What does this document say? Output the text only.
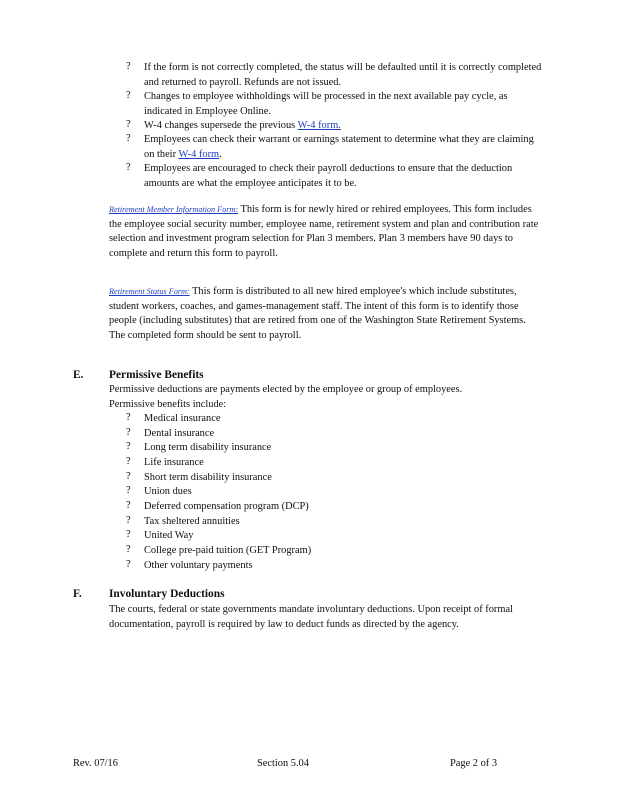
?	If the form is not correctly completed, the status will be defaulted until it is correctly completed and returned to payroll. Refunds are not issued.
?	Changes to employee withholdings will be processed in the next available pay cycle, as indicated in Employee Online.
?	W-4 changes supersede the previous W-4 form.
?	Employees can check their warrant or earnings statement to determine what they are claiming on their W-4 form.
?	Employees are encouraged to check their payroll deductions to ensure that the deduction amounts are what the employee anticipates it to be.
Retirement Member Information Form: This form is for newly hired or rehired employees. This form includes the employee social security number, employee name, retirement system and plan and contribution rate selection and investment program selection for Plan 3 members. Plan 3 members have 90 days to complete and return this form to payroll.
Retirement Status Form: This form is distributed to all new hired employee's which include substitutes, student workers, coaches, and games-management staff. The intent of this form is to identify those people (including substitutes) that are retired from one of the Washington State Retirement Systems. The completed form should be sent to payroll.
E. Permissive Benefits
Permissive deductions are payments elected by the employee or group of employees. Permissive benefits include:
?	Medical insurance
?	Dental insurance
?	Long term disability insurance
?	Life insurance
?	Short term disability insurance
?	Union dues
?	Deferred compensation program (DCP)
?	Tax sheltered annuities
?	United Way
?	College pre-paid tuition (GET Program)
?	Other voluntary payments
F. Involuntary Deductions
The courts, federal or state governments mandate involuntary deductions. Upon receipt of formal documentation, payroll is required by law to deduct funds as directed by the agency.
Rev. 07/16	Section 5.04	Page 2 of 3
